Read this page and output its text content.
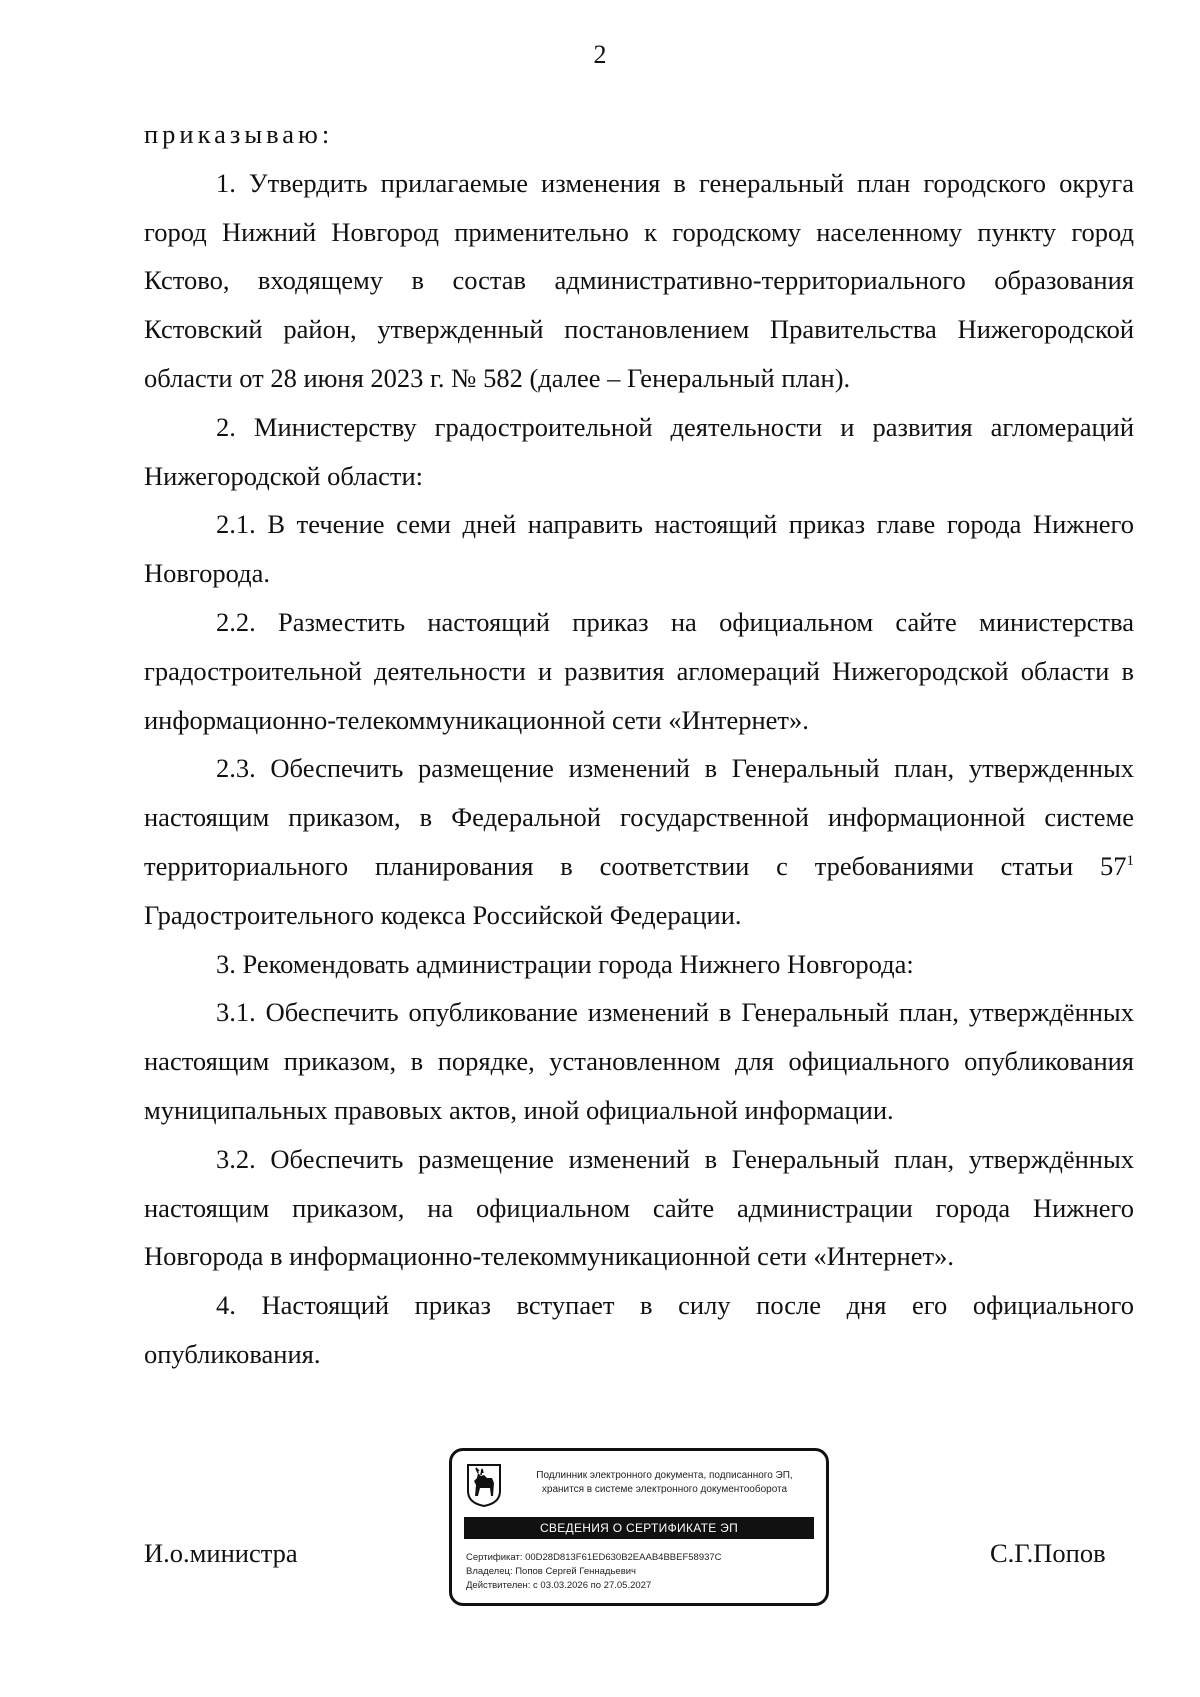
2

приказываю:

1. Утвердить прилагаемые изменения в генеральный план городского округа город Нижний Новгород применительно к городскому населенному пункту город Кстово, входящему в состав административно-территориального образования Кстовский район, утвержденный постановлением Правительства Нижегородской области от 28 июня 2023 г. № 582 (далее – Генеральный план).

2. Министерству градостроительной деятельности и развития агломераций Нижегородской области:

2.1. В течение семи дней направить настоящий приказ главе города Нижнего Новгорода.

2.2. Разместить настоящий приказ на официальном сайте министерства градостроительной деятельности и развития агломераций Нижегородской области в информационно-телекоммуникационной сети «Интернет».

2.3. Обеспечить размещение изменений в Генеральный план, утвержденных настоящим приказом, в Федеральной государственной информационной системе территориального планирования в соответствии с требованиями статьи $57^1$ Градостроительного кодекса Российской Федерации.

3. Рекомендовать администрации города Нижнего Новгорода:

3.1. Обеспечить опубликование изменений в Генеральный план, утверждённых настоящим приказом, в порядке, установленном для официального опубликования муниципальных правовых актов, иной официальной информации.

3.2. Обеспечить размещение изменений в Генеральный план, утверждённых настоящим приказом, на официальном сайте администрации города Нижнего Новгорода в информационно-телекоммуникационной сети «Интернет».

4. Настоящий приказ вступает в силу после дня его официального опубликования.

И.о.министра	С.Г.Попов
Подлинник электронного документа, подписанного ЭП,
хранится в системе электронного документооборота
СВЕДЕНИЯ О СЕРТИФИКАТЕ ЭП
Сертификат: 00D28D813F61ED630B2EAAB4BBEF58937C
Владелец: Попов Сергей Геннадьевич
Действителен: с 03.03.2026 по 27.05.2027
